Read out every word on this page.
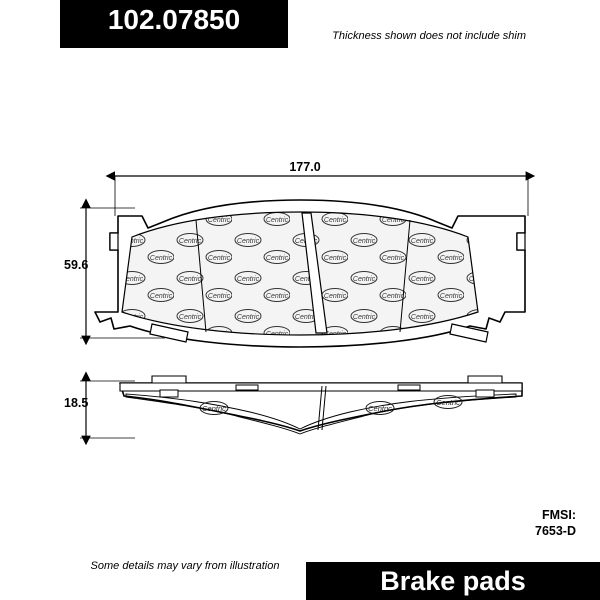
102.07850
Thickness shown does not include shim
Centric	Centric
Centric
177.0
59.6
18.5
FMSI:
7653-D
Some details may vary from illustration	Brake pads
